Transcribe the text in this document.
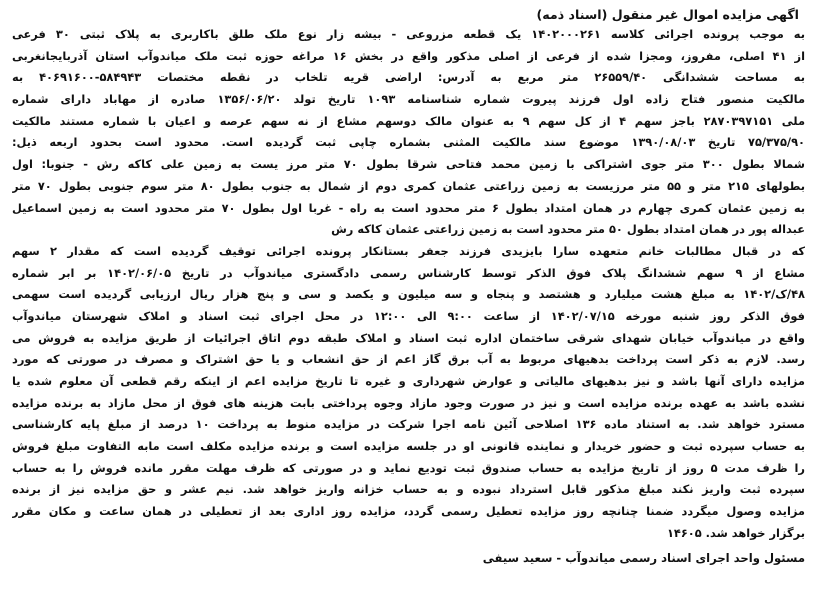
اگهی مزایده اموال غیر منقول (اسناد ذمه)
به موجب پرونده اجرائی کلاسه ۱۴۰۲۰۰۰۲۶۱ یک قطعه مزروعی - بیشه زار نوع ملک طلق باکاربری به پلاک ثبتی ۳۰ فرعی
از ۴۱ اصلی، مفروز، ومجزا شده از فرعی از اصلی مذکور واقع در بخش ۱۶ مراغه حوزه ثبت ملک میاندوآب استان آذربایجانغربی
به مساحت ششدانگی ۲۶۵۵۹/۴۰ متر مربع به آدرس: اراضی قریه تلخاب در نقطه مختصات ۵۸۴۹۴۳-۴۰۶۹۱۶۰۰ به
مالکیت منصور فتاح زاده اول فرزند پیروت شماره شناسنامه ۱۰۹۳ تاریخ تولد ۱۳۵۶/۰۶/۲۰ صادره از مهاباد دارای شماره
ملی ۲۸۷۰۳۹۷۱۵۱ باجز سهم ۴ از کل سهم ۹ به عنوان مالک دوسهم مشاع از نه سهم عرصه و اعیان با شماره مستند مالکیت
۷۵/۳۷۵/۹۰ تاریخ ۱۳۹۰/۰۸/۰۳ موضوع سند مالکیت المثنی بشماره چاپی ثبت گردیده است. محدود است بحدود اربعه ذیل:
شمالا بطول ۳۰۰ متر جوی اشتراکی با زمین محمد فتاحی شرقا بطول ۷۰ متر مرز یست به زمین علی کاکه رش - جنوبا: اول
بطولهای ۲۱۵ متر و ۵۵ متر مرزیست به زمین زراعتی عثمان کمری دوم از شمال به جنوب بطول ۸۰ متر سوم جنوبی بطول ۷۰ متر
به زمین عثمان کمری چهارم در همان امتداد بطول ۶ متر محدود است به راه - غربا اول بطول ۷۰ متر محدود است به زمین اسماعیل
عبداله پور در همان امتداد بطول ۵۰ متر محدود است به زمین زراعتی عثمان کاکه رش
که در قبال مطالبات خانم متعهده سارا بایزیدی فرزند جعفر بستانکار پرونده اجرائی توقیف گردیده است که مقدار ۲ سهم
مشاع از ۹ سهم ششدانگ پلاک فوق الذکر توسط کارشناس رسمی دادگستری میاندوآب در تاریخ ۱۴۰۲/۰۶/۰۵ بر ابر شماره
۴۸/ک/۱۴۰۲ به مبلغ هشت میلیارد و هشتصد و پنجاه و سه میلیون و یکصد و سی و پنج هزار ریال ارزیابی گردیده است سهمی
فوق الذکر روز شنبه مورخه ۱۴۰۲/۰۷/۱۵ از ساعت ۹:۰۰ الی ۱۲:۰۰ در محل اجرای ثبت اسناد و املاک شهرستان میاندوآب
واقع در میاندوآب خیابان شهدای شرقی ساختمان اداره ثبت اسناد و املاک طبقه دوم اتاق اجرائیات از طریق مزایده به فروش می
رسد. لازم به ذکر است پرداخت بدهیهای مربوط به آب برق گاز اعم از حق انشعاب و یا حق اشتراک و مصرف در صورتی که مورد
مزایده دارای آنها باشد و نیز بدهیهای مالیاتی و عوارض شهرداری و غیره تا تاریخ مزایده اعم از اینکه رقم قطعی آن معلوم شده یا
نشده باشد به عهده برنده مزایده است و نیز در صورت وجود مازاد وجوه پرداختی بابت هزینه های فوق از محل مازاد به برنده مزایده
مسترد خواهد شد. به استناد ماده ۱۳۶ اصلاحی آئین نامه اجرا شرکت در مزایده منوط به پرداخت ۱۰ درصد از مبلغ پایه کارشناسی
به حساب سپرده ثبت و حضور خریدار و نماینده قانونی او در جلسه مزایده است و برنده مزایده مکلف است مابه التفاوت مبلغ فروش
را ظرف مدت ۵ روز از تاریخ مزایده به حساب صندوق ثبت تودیع نماید و در صورتی که ظرف مهلت مقرر مانده فروش را به حساب
سپرده ثبت واریز نکند مبلغ مذکور قابل استرداد نبوده و به حساب خزانه واریز خواهد شد. نیم عشر و حق مزایده نیز از برنده
مزایده وصول میگردد ضمنا چنانچه روز مزایده تعطیل رسمی گردد، مزایده روز اداری بعد از تعطیلی در همان ساعت و مکان مقرر
برگزار خواهد شد. ۱۴۶۰۵
مسئول واحد اجرای اسناد رسمی میاندوآب - سعید سیفی
